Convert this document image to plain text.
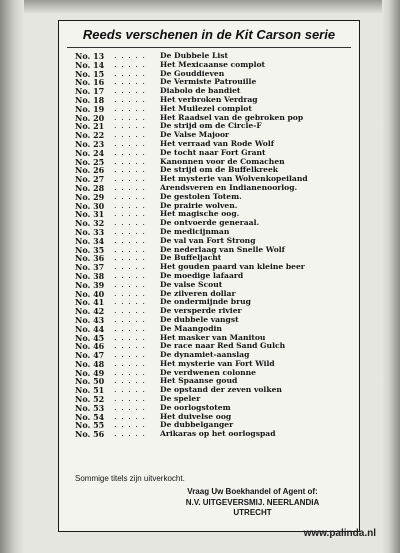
Reeds verschenen in de Kit Carson serie
No. 13 . . . . . De Dubbele List
No. 14 . . . . . Het Mexicaanse complot
No. 15 . . . . . De Gouddieven
No. 16 . . . . . De Vermiste Patrouille
No. 17 . . . . . Diabolo de bandiet
No. 18 . . . . . Het verbroken Verdrag
No. 19 . . . . . Het Muilezel complot
No. 20 . . . . . Het Raadsel van de gebroken pop
No. 21 . . . . . De strijd om de Circle-F
No. 22 . . . . . De Valse Majoor
No. 23 . . . . . Het verraad van Rode Wolf
No. 24 . . . . . De tocht naar Fort Grant
No. 25 . . . . . Kanonnen voor de Comachen
No. 26 . . . . . De strijd om de Buffelkreek
No. 27 . . . . . Het mysterie van Wolvenkopeiland
No. 28 . . . . . Arendsveren en Indianenoorlog.
No. 29 . . . . . De gestolen Totem.
No. 30 . . . . . De prairie wolven.
No. 31 . . . . . Het magische oog.
No. 32 . . . . . De ontvoerde generaal.
No. 33 . . . . . De medicijnman
No. 34 . . . . . De val van Fort Strong
No. 35 . . . . . De nederlaag van Snelle Wolf
No. 36 . . . . . De Buffeljacht
No. 37 . . . . . Het gouden paard van kleine beer
No. 38 . . . . . De moedige lafaard
No. 39 . . . . . De valse Scout
No. 40 . . . . . De zilveren dollar
No. 41 . . . . . De ondermijnde brug
No. 42 . . . . . De versperde rivier
No. 43 . . . . . De dubbele vangst
No. 44 . . . . . De Maangodin
No. 45 . . . . . Het masker van Manitou
No. 46 . . . . . De race naar Red Sand Gulch
No. 47 . . . . . De dynamiet-aanslag
No. 48 . . . . . Het mysterie van Fort Wild
No. 49 . . . . . De verdwenen colonne
No. 50 . . . . . Het Spaanse goud
No. 51 . . . . . De opstand der zeven volken
No. 52 . . . . . De speler
No. 53 . . . . . De oorlogstotem
No. 54 . . . . . Het duivelse oog
No. 55 . . . . . De dubbelganger
No. 56 . . . . . Arikaras op het oorlogspad
Sommige titels zijn uitverkocht.
Vraag Uw Boekhandel of Agent of:
N.V. UITGEVERSMIJ. NEERLANDIA
UTRECHT
www.palinda.nl
